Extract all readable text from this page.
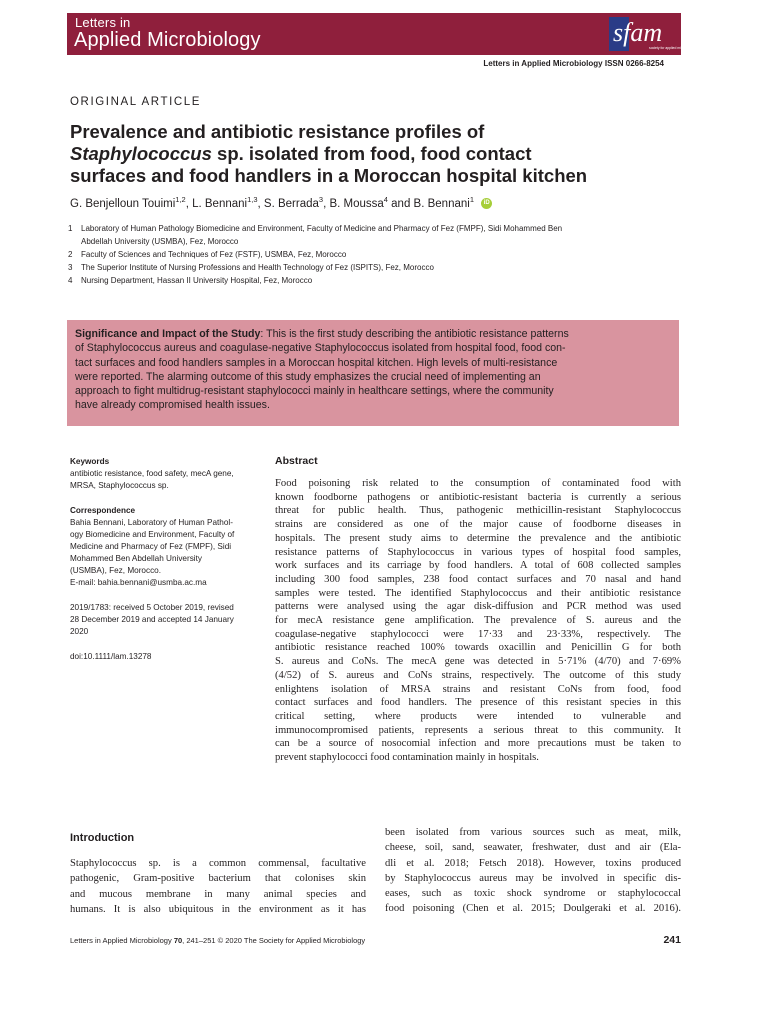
Letters in
Applied Microbiology	sfam
society for applied microbiology
Letters in Applied Microbiology ISSN 0266-8254
ORIGINAL ARTICLE
Prevalence and antibiotic resistance profiles of
Staphylococcus sp. isolated from food, food contact
surfaces and food handlers in a Moroccan hospital kitchen
G. Benjelloun Touimi$^{1,2}$, L. Bennani$^{1,3}$, S. Berrada$^3$, B. Moussa$^4$ and B. Bennani$^1$ iD
1	Laboratory of Human Pathology Biomedicine and Environment, Faculty of Medicine and Pharmacy of Fez (FMPF), Sidi Mohammed Ben
Abdellah University (USMBA), Fez, Morocco
2	Faculty of Sciences and Techniques of Fez (FSTF), USMBA, Fez, Morocco
3	The Superior Institute of Nursing Professions and Health Technology of Fez (ISPITS), Fez, Morocco
4	Nursing Department, Hassan II University Hospital, Fez, Morocco
Significance and Impact of the Study: This is the first study describing the antibiotic resistance patterns
of Staphylococcus aureus and coagulase-negative Staphylococcus isolated from hospital food, food con-
tact surfaces and food handlers samples in a Moroccan hospital kitchen. High levels of multi-resistance
were reported. The alarming outcome of this study emphasizes the crucial need of implementing an
approach to fight multidrug-resistant staphylococci mainly in healthcare settings, where the community
have already compromised health issues.
Keywords

antibiotic resistance, food safety, mecA gene,

MRSA, Staphylococcus sp.

Correspondence

Bahia Bennani, Laboratory of Human Pathol-

ogy Biomedicine and Environment, Faculty of

Medicine and Pharmacy of Fez (FMPF), Sidi

Mohammed Ben Abdellah University

(USMBA), Fez, Morocco.

E-mail: bahia.bennani@usmba.ac.ma

2019/1783: received 5 October 2019, revised

28 December 2019 and accepted 14 January

2020

doi:10.1111/lam.13278

Abstract
Food poisoning risk related to the consumption of contaminated food with
known foodborne pathogens or antibiotic-resistant bacteria is currently a serious
threat for public health. Thus, pathogenic methicillin-resistant Staphylococcus
strains are considered as one of the major cause of foodborne diseases in
hospitals. The present study aims to determine the prevalence and the antibiotic
resistance patterns of Staphylococcus in various types of hospital food samples,
work surfaces and its carriage by food handlers. A total of 608 collected samples
including 300 food samples, 238 food contact surfaces and 70 nasal and hand
samples were tested. The identified Staphylococcus and their antibiotic resistance
patterns were analysed using the agar disk-diffusion and PCR method was used
for mecA resistance gene amplification. The prevalence of S. aureus and the
coagulase-negative staphylococci were 17·33 and 23·33%, respectively. The
antibiotic resistance reached 100% towards oxacillin and Penicillin G for both
S. aureus and CoNs. The mecA gene was detected in 5·71% (4/70) and 7·69%
(4/52) of S. aureus and CoNs strains, respectively. The outcome of this study
enlightens isolation of MRSA strains and resistant CoNs from food, food
contact surfaces and food handlers. The presence of this resistant species in this
critical setting, where products were intended to vulnerable and
immunocompromised patients, represents a serious threat to this community. It
can be a source of nosocomial infection and more precautions must be taken to
prevent staphylococci food contamination mainly in hospitals.
Introduction
Staphylococcus sp. is a common commensal, facultative
pathogenic, Gram-positive bacterium that colonises skin
and mucous membrane in many animal species and
humans. It is also ubiquitous in the environment as it has
been isolated from various sources such as meat, milk,
cheese, soil, sand, seawater, freshwater, dust and air (Ela-
dli et al. 2018; Fetsch 2018). However, toxins produced
by Staphylococcus aureus may be involved in specific dis-
eases, such as toxic shock syndrome or staphylococcal
food poisoning (Chen et al. 2015; Doulgeraki et al. 2016).
Letters in Applied Microbiology 70, 241–251 © 2020 The Society for Applied Microbiology	241
